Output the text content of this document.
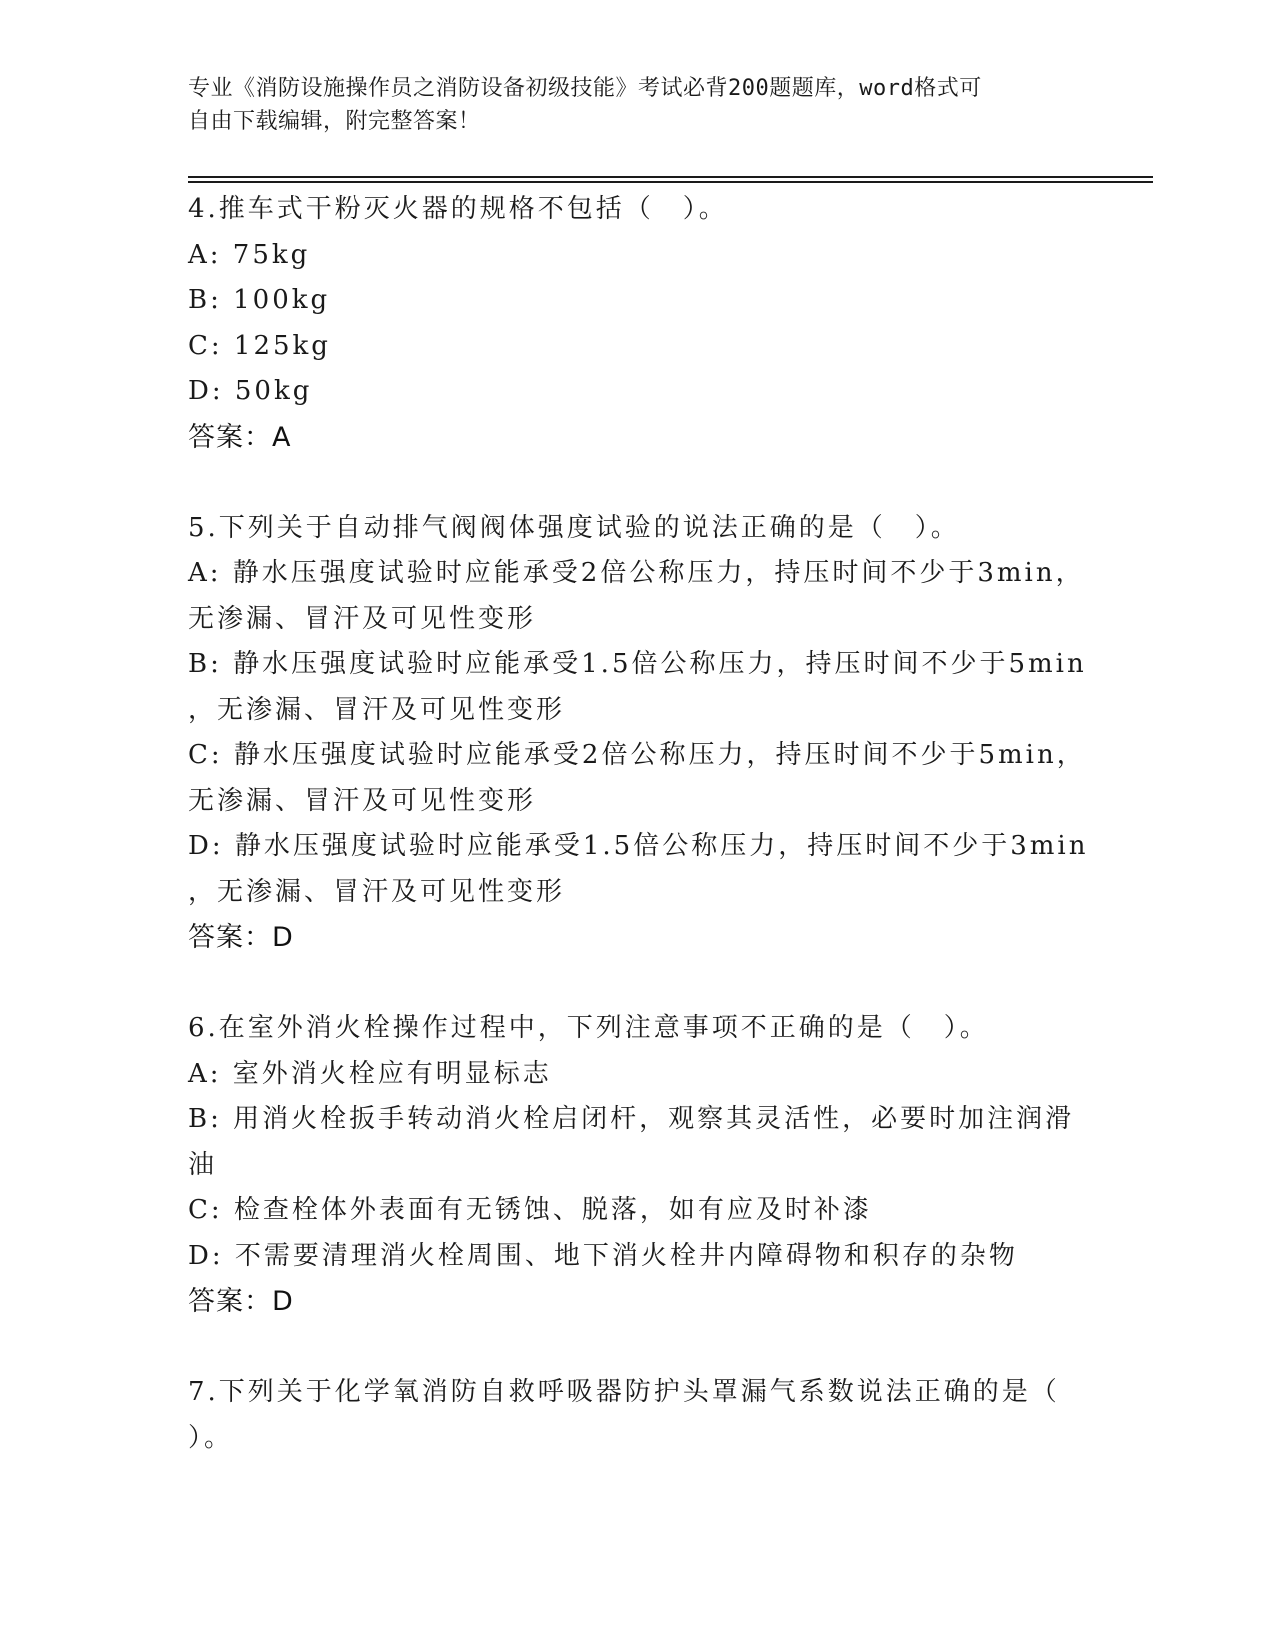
专业《消防设施操作员之消防设备初级技能》考试必背200题题库，word格式可
自由下载编辑，附完整答案！
4.推车式干粉灭火器的规格不包括（　）。
A: 75kg
B: 100kg
C: 125kg
D: 50kg
答案：A
5.下列关于自动排气阀阀体强度试验的说法正确的是（　）。
A: 静水压强度试验时应能承受2倍公称压力，持压时间不少于3min，
无渗漏、冒汗及可见性变形
B: 静水压强度试验时应能承受1.5倍公称压力，持压时间不少于5min
，无渗漏、冒汗及可见性变形
C: 静水压强度试验时应能承受2倍公称压力，持压时间不少于5min，
无渗漏、冒汗及可见性变形
D: 静水压强度试验时应能承受1.5倍公称压力，持压时间不少于3min
，无渗漏、冒汗及可见性变形
答案：D
6.在室外消火栓操作过程中，下列注意事项不正确的是（　）。
A: 室外消火栓应有明显标志
B: 用消火栓扳手转动消火栓启闭杆，观察其灵活性，必要时加注润滑
油
C: 检查栓体外表面有无锈蚀、脱落，如有应及时补漆
D: 不需要清理消火栓周围、地下消火栓井内障碍物和积存的杂物
答案：D
7.下列关于化学氧消防自救呼吸器防护头罩漏气系数说法正确的是（
）。
